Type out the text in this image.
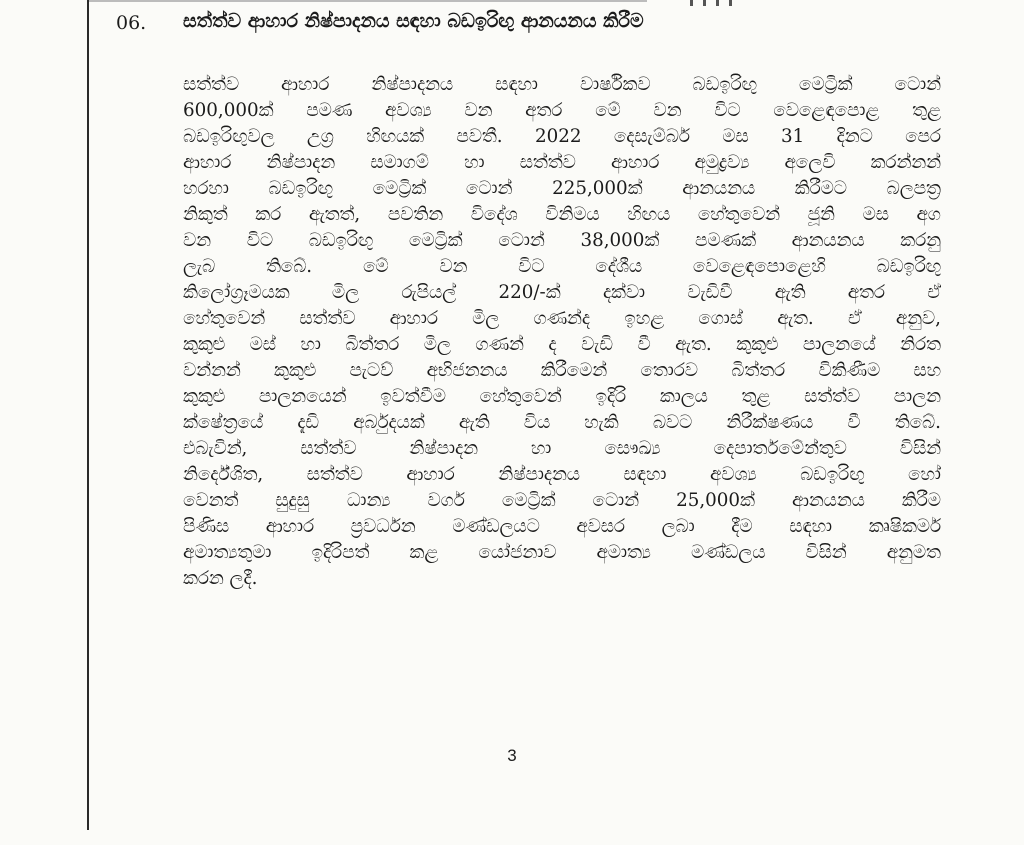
06. සත්ත්ව ආහාර නිෂ්පාදනය සඳහා බඩඉරිඟු ආනයනය කිරීම
සත්ත්ව ආහාර නිෂ්පාදනය සඳහා වාර්ෂිකව බඩඉරිඟු මෙට්‍රික් ටොන්
600,000ක් පමණ අවශ්‍ය වන අතර මේ වන විට වෙළෙඳපොළ තුළ
බඩඉරිඟුවල උග්‍ර හිඟයක් පවතී. 2022 දෙසැම්බර් මස 31 දිනට පෙර
ආහාර නිෂ්පාදන සමාගම් හා සත්ත්ව ආහාර අමුද්‍රව්‍ය අලෙවි කරන්නන්
හරහා බඩඉරිඟු මෙට්‍රික් ටොන් 225,000ක් ආනයනය කිරීමට බලපත්‍ර
නිකුත් කර ඇතත්, පවතින විදේශ විනිමය හිඟය හේතුවෙන් ජූනි මස අග
වන විට බඩඉරිඟු මෙට්‍රික් ටොන් 38,000ක් පමණක් ආනයනය කරනු
ලැබ	තිබේ.	මේ	වන	විට	දේශීය	වෙළෙඳපොළෙහි	බඩඉරිඟු
කිලෝග්‍රෑමයක මිල රුපියල් 220/-ක් දක්වා වැඩිවී ඇති අතර ඒ
හේතුවෙන් සත්ත්ව ආහාර මිල ගණන්ද ඉහළ ගොස් ඇත. ඒ අනුව,
කුකුළු මස් හා බිත්තර මිල ගණන් ද වැඩි වී ඇත. කුකුළු පාලනයේ නිරත
වන්නන් කුකුළු පැටව් අභිජනනය කිරීමෙන් තොරව බිත්තර විකිණීම සහ
කුකුළු පාලනයෙන් ඉවත්වීම හේතුවෙන් ඉදිරි කාලය තුළ සත්ත්ව පාලන
ක්ෂේත්‍රයේ දැඩි අර්බුදයක් ඇති විය හැකි බවට නිරීක්ෂණය වී තිබේ.
එබැවින්,	සත්ත්ව	නිෂ්පාදන	හා	සෞඛ්‍ය	දෙපාර්තමේන්තුව	විසින්
නිර්දේශිත, සත්ත්ව ආහාර නිෂ්පාදනය සඳහා අවශ්‍ය බඩඉරිඟු හෝ
වෙනත් සුදුසු ධාන්‍ය වර්ග මෙට්‍රික් ටොන් 25,000ක් ආනයනය කිරීම
පිණිස ආහාර ප්‍රවර්ධන මණ්ඩලයට අවසර ලබා දීම සඳහා කෘෂිකර්ම
අමාත්‍යතුමා ඉදිරිපත් කළ යෝජනාව අමාත්‍ය මණ්ඩලය විසින් අනුමත
කරන ලදී.
3
